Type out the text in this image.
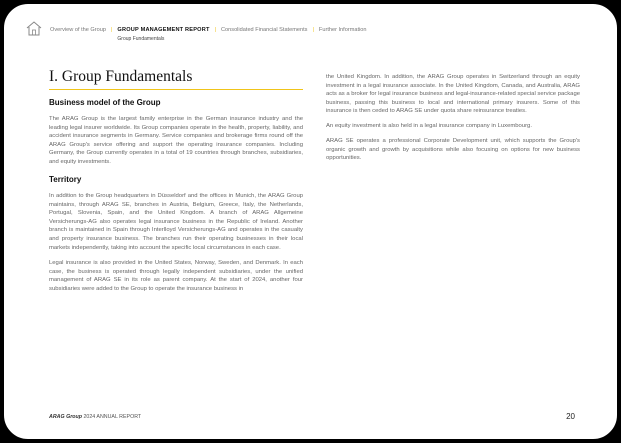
Overview of the Group | GROUP MANAGEMENT REPORT
Group Fundamentals
| Consolidated Financial Statements | Further Information
I. Group Fundamentals
Business model of the Group

The ARAG Group is the largest family enterprise in the German insurance industry and the leading legal insurer worldwide. Its Group companies operate in the health, property, liability, and accident insurance segments in Germany. Service companies and brokerage firms round off the ARAG Group's service offering and support the operating insurance companies. Including Germany, the Group currently operates in a total of 19 countries through branches, subsidiaries, and equity investments.

Territory

In addition to the Group headquarters in Düsseldorf and the offices in Munich, the ARAG Group maintains, through ARAG SE, branches in Austria, Belgium, Greece, Italy, the Netherlands, Portugal, Slovenia, Spain, and the United Kingdom. A branch of ARAG Allgemeine Versicherungs-AG also operates legal insurance business in the Republic of Ireland. Another branch is maintained in Spain through Interlloyd Versicherungs-AG and operates in the casualty and property insurance business. The branches run their operating businesses in their local markets independently, taking into account the specific local circumstances in each case.

Legal insurance is also provided in the United States, Norway, Sweden, and Denmark. In each case, the business is operated through legally independent subsidiaries, under the unified management of ARAG SE in its role as parent company. At the start of 2024, another four subsidiaries were added to the Group to operate the insurance business in

the United Kingdom. In addition, the ARAG Group operates in Switzerland through an equity investment in a legal insurance associate. In the United Kingdom, Canada, and Australia, ARAG acts as a broker for legal insurance business and legal-insurance-related special service package business, passing this business to local and international primary insurers. Some of this insurance is then ceded to ARAG SE under quota share reinsurance treaties.

An equity investment is also held in a legal insurance company in Luxembourg.

ARAG SE operates a professional Corporate Development unit, which supports the Group's organic growth and growth by acquisitions while also focusing on options for new business opportunities.

ARAG Group 2024 ANNUAL REPORT	20
